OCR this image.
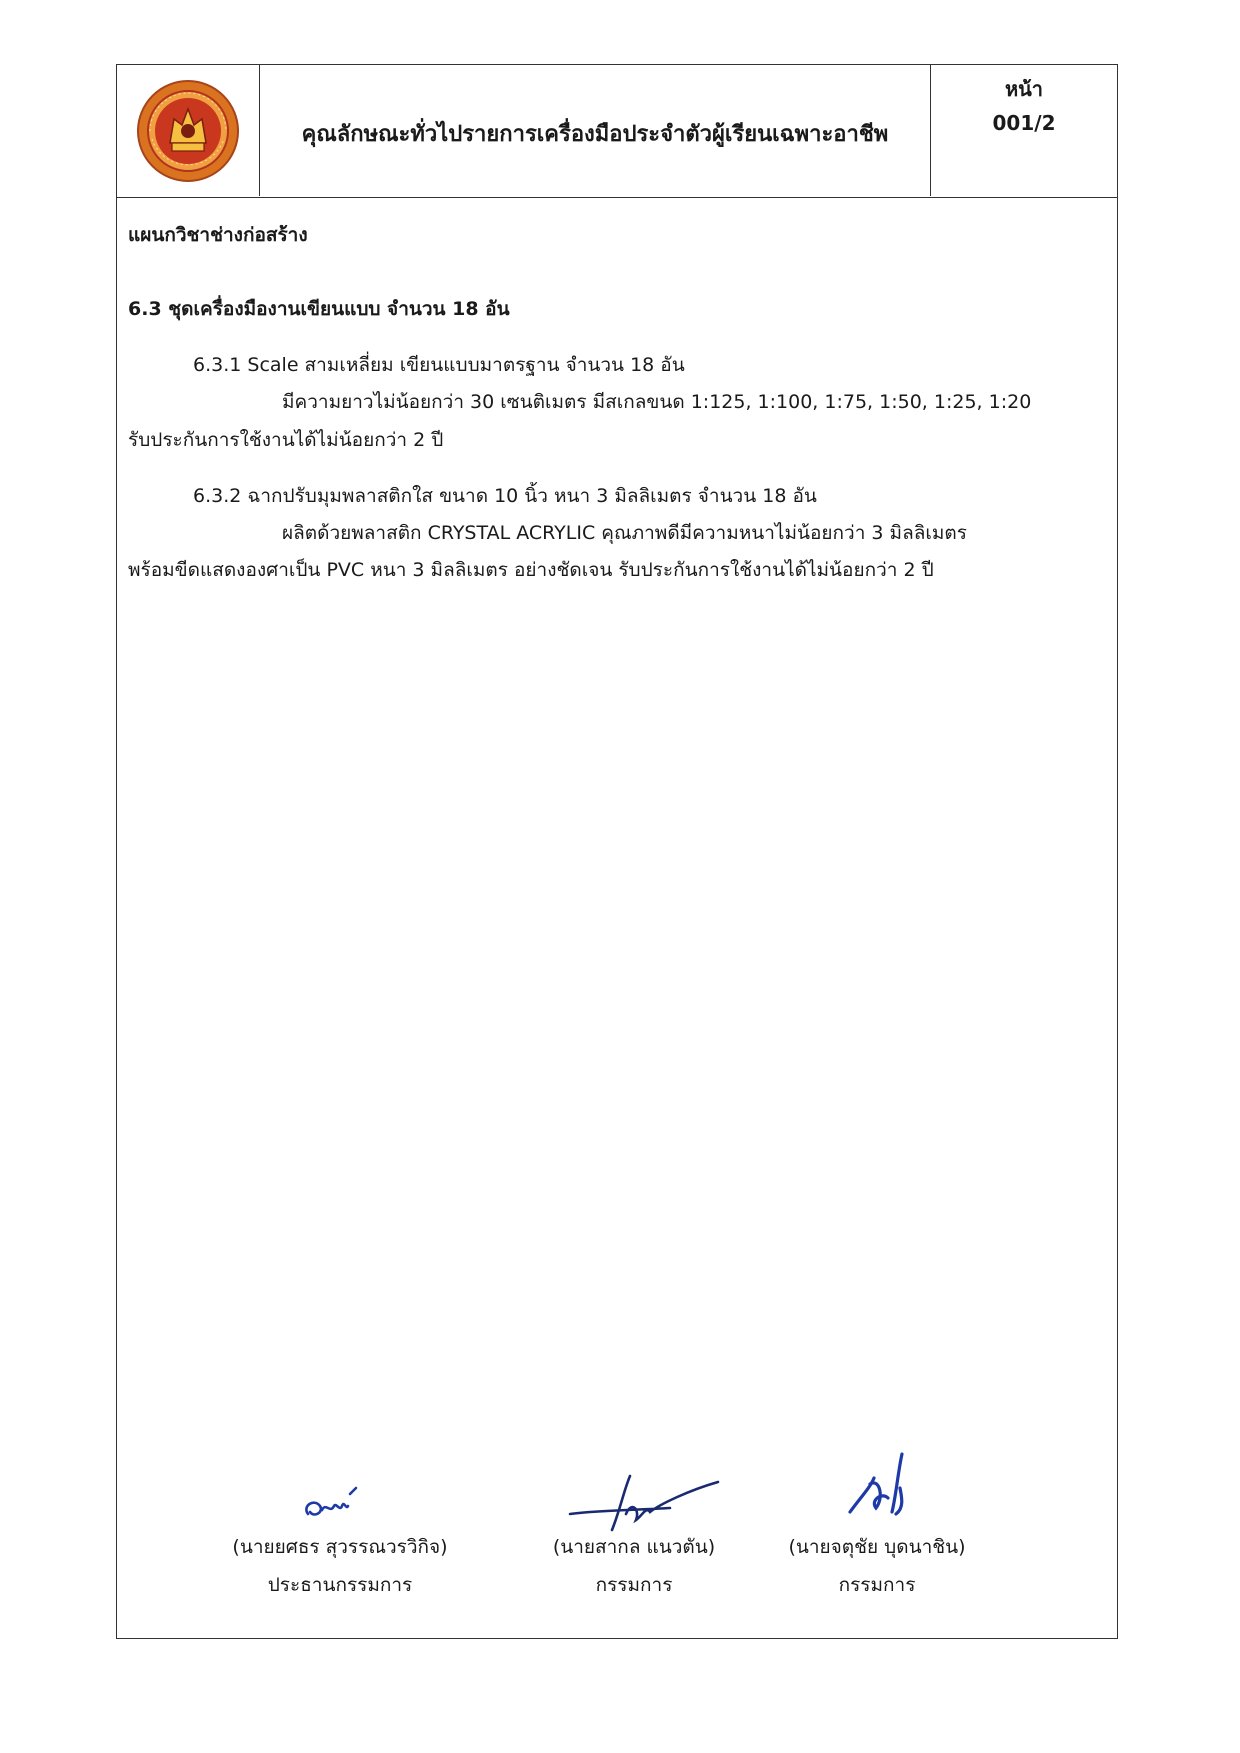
คุณลักษณะทั่วไปรายการเครื่องมือประจำตัวผู้เรียนเฉพาะอาชีพ
หน้า
001/2
แผนกวิชาช่างก่อสร้าง
6.3 ชุดเครื่องมืองานเขียนแบบ จำนวน 18 อัน
6.3.1 Scale สามเหลี่ยม เขียนแบบมาตรฐาน จำนวน 18 อัน
มีความยาวไม่น้อยกว่า 30 เซนติเมตร มีสเกลขนด 1:125, 1:100, 1:75, 1:50, 1:25, 1:20
รับประกันการใช้งานได้ไม่น้อยกว่า 2 ปี
6.3.2 ฉากปรับมุมพลาสติกใส ขนาด 10 นิ้ว หนา 3 มิลลิเมตร จำนวน 18 อัน
ผลิตด้วยพลาสติก CRYSTAL ACRYLIC คุณภาพดีมีความหนาไม่น้อยกว่า 3 มิลลิเมตร
พร้อมขีดแสดงองศาเป็น PVC หนา 3 มิลลิเมตร อย่างชัดเจน รับประกันการใช้งานได้ไม่น้อยกว่า 2 ปี
(นายยศธร สุวรรณวรวิกิจ)
ประธานกรรมการ
(นายสากล แนวตัน)
กรรมการ
(นายจตุชัย บุดนาชิน)
กรรมการ
